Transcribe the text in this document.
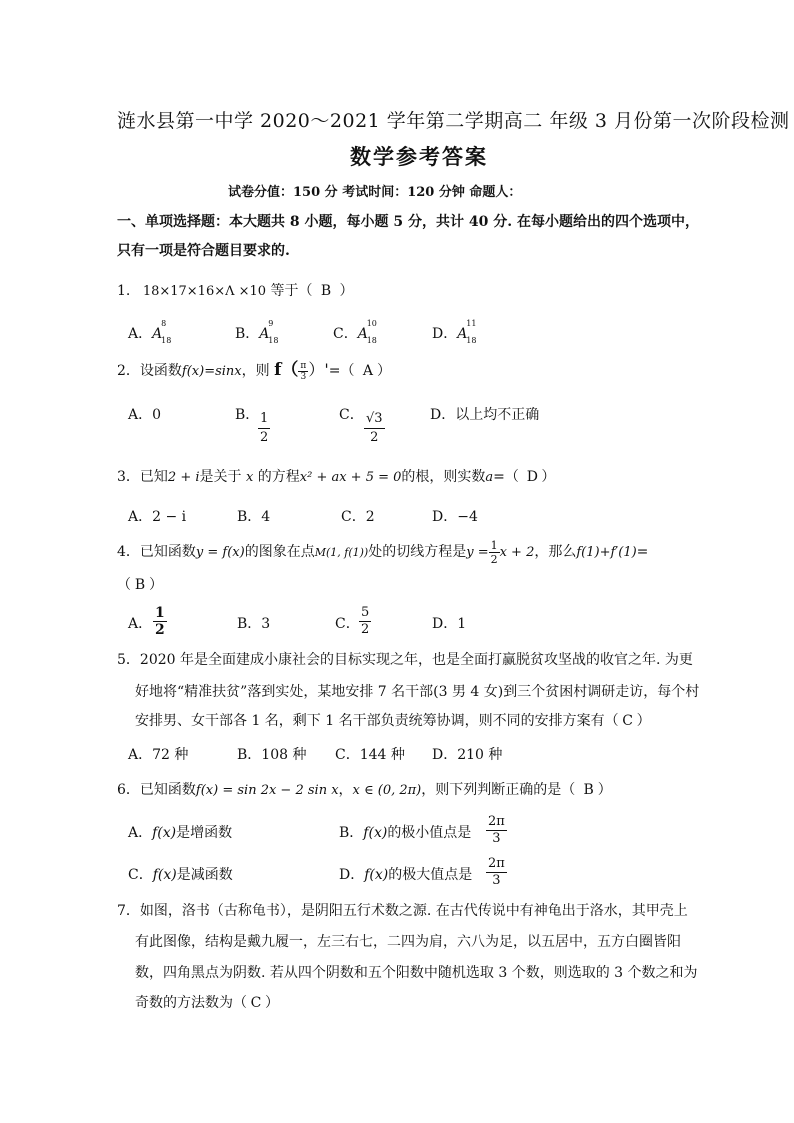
涟水县第一中学 2020～2021 学年第二学期高二 年级 3 月份第一次阶段检测
数学参考答案
试卷分值：150 分 考试时间：120 分钟 命题人：
一、单项选择题：本大题共 8 小题，每小题 5 分，共计 40 分. 在每小题给出的四个选项中，
只有一项是符合题目要求的.
1. 18×17×16×Λ ×10 等于（ B ）
A．A
8
18	B．A
9
18	C．A
10
18	D．A
11
18
2．设函数f(x)=sinx，则 $f( \frac{\pi}{3}$ ）'=（ A ）
A．0	B．
$\frac{1}{2}$	C． $\frac{√3}{2}$	D．以上均不正确
3．已知2 + i是关于 x 的方程x² + ax + 5 = 0的根，则实数a=（ D ）
A．2 − i	B．4	C．2	D．−4
4．已知函数y = f(x)的图象在点M(1, f(1))处的切线方程是$y = \frac{1}{2}$ x + 2，那么f(1)+f′(1)=
（ B ）
A． $\frac{1}{2}$	B．3	C． $\frac{5}{2}$	D．1
5．2020 年是全面建成小康社会的目标实现之年，也是全面打赢脱贫攻坚战的收官之年. 为更
好地将“精准扶贫”落到实处，某地安排 7 名干部(3 男 4 女)到三个贫困村调研走访，每个村
安排男、女干部各 1 名，剩下 1 名干部负责统筹协调，则不同的安排方案有（ C ）
A．72 种	B．108 种 C．144 种 D．210 种
6．已知函数f(x) = sin 2x − 2 sin x，x ∈ (0, 2π)，则下列判断正确的是（ B ）
A．f(x)是增函数	B．f(x)的极小值点是 $\frac{2\pi}{3}$
C．f(x)是减函数	D．f(x)的极大值点是 $\frac{2\pi}{3}$
7．如图，洛书（古称龟书），是阴阳五行术数之源. 在古代传说中有神龟出于洛水，其甲壳上
有此图像，结构是戴九履一，左三右七，二四为肩，六八为足，以五居中，五方白圈皆阳
数，四角黑点为阴数. 若从四个阴数和五个阳数中随机选取 3 个数，则选取的 3 个数之和为
奇数的方法数为（ C ）
